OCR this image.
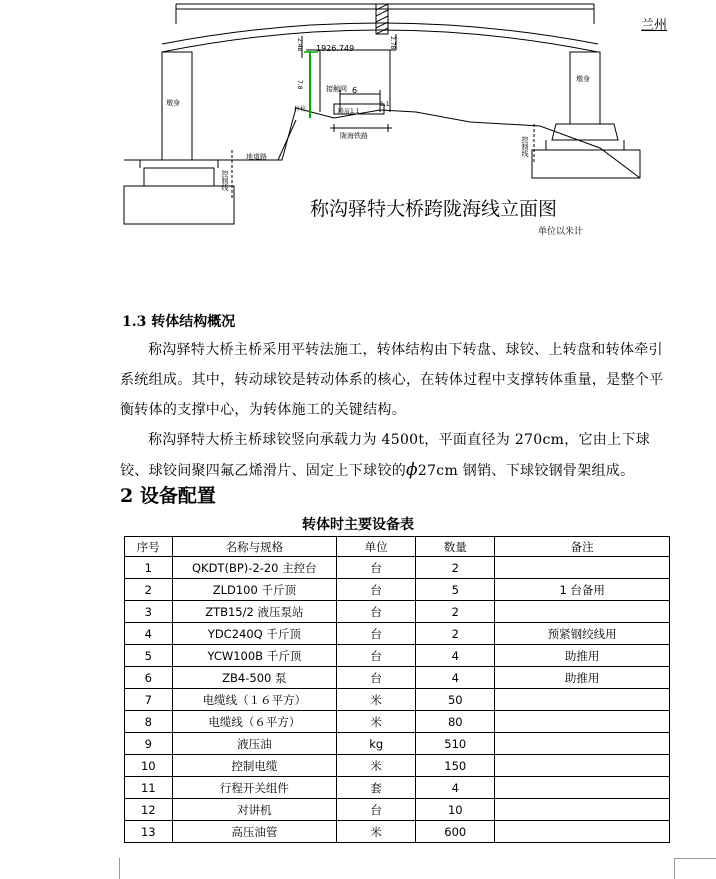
兰州
1926.749
6
接触网
路肩1.1
陇海铁路
地道路
杆柱
1.1
墩身
墩身
控制线
控制线
2.48
7.8
2.78
称沟驿特大桥跨陇海线立面图
单位以米计
1.3 转体结构概况
称沟驿特大桥主桥采用平转法施工，转体结构由下转盘、球铰、上转盘和转体牵引系统组成。其中，转动球铰是转动体系的核心，在转体过程中支撑转体重量，是整个平衡转体的支撑中心，为转体施工的关键结构。
称沟驿特大桥主桥球铰竖向承载力为 4500t，平面直径为 270cm，它由上下球铰、球铰间聚四氟乙烯滑片、固定上下球铰的ϕ27cm 钢销、下球铰钢骨架组成。
2 设备配置
转体时主要设备表
序号	名称与规格	单位	数量	备注
1	QKDT(BP)-2-20 主控台	台	2	
2	ZLD100 千斤顶	台	5	1 台备用
3	ZTB15/2 液压泵站	台	2	
4	YDC240Q 千斤顶	台	2	预紧钢绞线用
5	YCW100B 千斤顶	台	4	助推用
6	ZB4-500 泵	台	4	助推用
7	电缆线（１６平方）	米	50	
8	电缆线（６平方）	米	80	
9	液压油	kg	510	
10	控制电缆	米	150	
11	行程开关组件	套	4	
12	对讲机	台	10	
13	高压油管	米	600	
